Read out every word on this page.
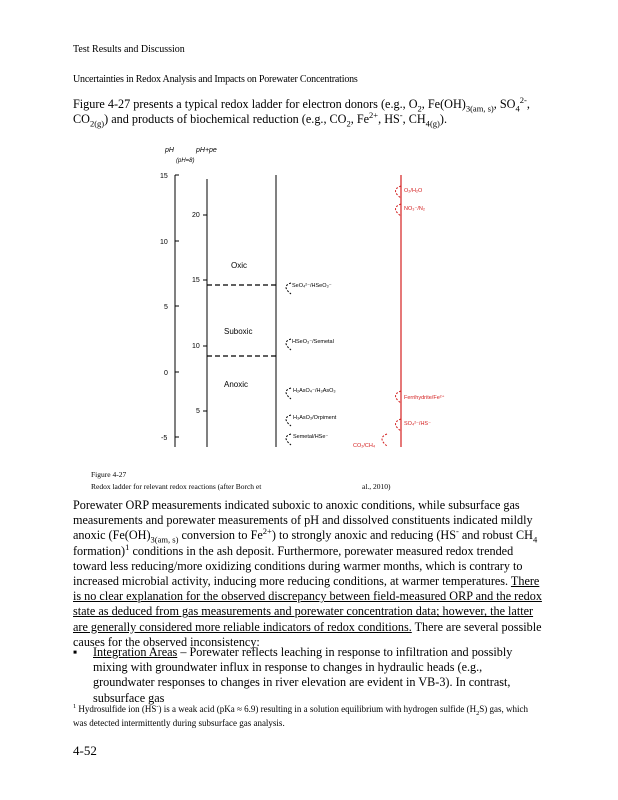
Test Results and Discussion
Uncertainties in Redox Analysis and Impacts on Porewater Concentrations
Figure 4-27 presents a typical redox ladder for electron donors (e.g., $O_2$, $Fe(OH)_{3(am, s)}$, $SO_4^{2-}$,
$CO_{2(g)}$) and products of biochemical reduction (e.g., $CO_2$, $Fe^{2+}$, HS-, $CH_{4(g)}$).
pH	pH+pe
(pH=8)
15
10
5
0
-5
20
15
10
5
Oxic
Suboxic
Anoxic
SeO₄²⁻/HSeO₃⁻
HSeO₃⁻/Semetal
H₂AsO₄⁻/H₃AsO₃
H₃AsO₃/Orpiment
Semetal/HSe⁻
O₂/H₂O
NO₃⁻/N₂
Ferrihydrite/Fe²⁺
SO₄²⁻/HS⁻
CO₂/CH₄
Figure 4-27
Redox ladder for relevant redox reactions (after Borch et	al., 2010)
Porewater ORP measurements indicated suboxic to anoxic conditions, while subsurface gas measurements and porewater measurements of pH and dissolved constituents indicated mildly anoxic ($Fe(OH)_{3(am, s)}$ conversion to $Fe^{2+}$) to strongly anoxic and reducing (HS- and robust $CH_4$ formation)$^1$ conditions in the ash deposit. Furthermore, porewater measured redox trended toward less reducing/more oxidizing conditions during warmer months, which is contrary to increased microbial activity, inducing more reducing conditions, at warmer temperatures. There is no clear explanation for the observed discrepancy between field-measured ORP and the redox state as deduced from gas measurements and porewater concentration data; however, the latter are generally considered more reliable indicators of redox conditions. There are several possible causes for the observed inconsistency:
▪ Integration Areas – Porewater reflects leaching in response to infiltration and possibly mixing with groundwater influx in response to changes in hydraulic heads (e.g., groundwater responses to changes in river elevation are evident in VB-3). In contrast, subsurface gas
$^1$ Hydrosulfide ion (HS-) is a weak acid (pKa ≈ 6.9) resulting in a solution equilibrium with hydrogen sulfide $(H_2S)$ gas, which was detected intermittently during subsurface gas analysis.
4-52
